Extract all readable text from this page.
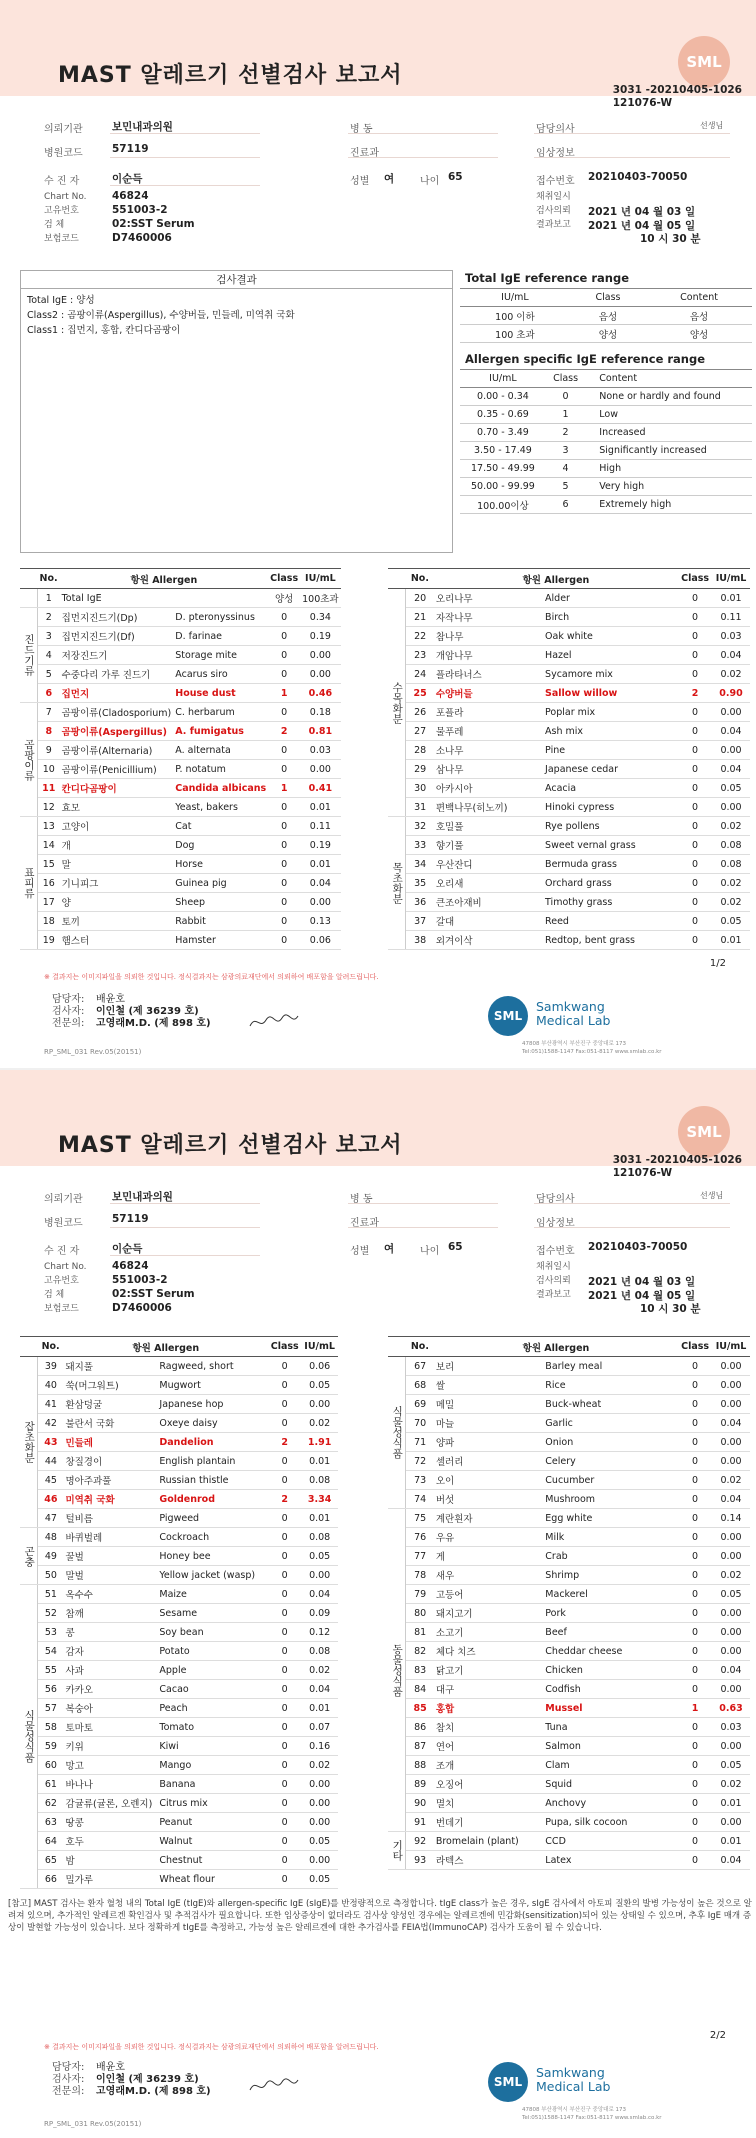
MAST 알레르기 선별검사 보고서
SML
3031 -20210405-1026
121076-W
의뢰기관	보민내과의원
병원코드	57119
수 진 자	이순득
Chart No. 46824
고유번호	551003-2
검 체	02:SST Serum
보험코드	D7460006
병 동
진료과
성별 여	나이 65
담당의사	선생님
임상정보
접수번호 20210403-70050
채취일시
검사의뢰 2021 년 04 월 03 일
결과보고 2021 년 04 월 05 일
10 시 30 분
검사결과
Total IgE : 양성
Class2 : 곰팡이류(Aspergillus), 수양버들, 민들레, 미역취 국화
Class1 : 집먼지, 홍합, 칸디다곰팡이
Total IgE reference range
IU/mL	Class	Content
100 이하	음성	음성
100 초과	양성	양성
Allergen specific IgE reference range
IU/mL	Class	Content
0.00 - 0.34	0	None or hardly and found
0.35 - 0.69	1	Low
0.70 - 3.49	2	Increased
3.50 - 17.49	3	Significantly increased
17.50 - 49.99	4	High
50.00 - 99.99	5	Very high
100.00이상	6	Extremely high
	No.	항원 Allergen		Class	IU/mL
	1	Total IgE		양성	100초과
진드기류	2	집먼지진드기(Dp)	D. pteronyssinus	0	0.34
	3	집먼지진드기(Df)	D. farinae	0	0.19
	4	저장진드기	Storage mite	0	0.00
	5	수중다리 가루 진드기	Acarus siro	0	0.00
	6	집먼지	House dust	1	0.46
곰팡이류	7	곰팡이류(Cladosporium)	C. herbarum	0	0.18
	8	곰팡이류(Aspergillus)	A. fumigatus	2	0.81
	9	곰팡이류(Alternaria)	A. alternata	0	0.03
	10	곰팡이류(Penicillium)	P. notatum	0	0.00
	11	칸디다곰팡이	Candida albicans	1	0.41
	12	효모	Yeast, bakers	0	0.01
표피류	13	고양이	Cat	0	0.11
	14	개	Dog	0	0.19
	15	말	Horse	0	0.01
	16	기니피그	Guinea pig	0	0.04
	17	양	Sheep	0	0.00
	18	토끼	Rabbit	0	0.13
	19	햄스터	Hamster	0	0.06
	No.	항원 Allergen		Class	IU/mL
수목화분	20	오리나무	Alder	0	0.01
	21	자작나무	Birch	0	0.11
	22	참나무	Oak white	0	0.03
	23	개암나무	Hazel	0	0.04
	24	플라타너스	Sycamore mix	0	0.02
	25	수양버들	Sallow willow	2	0.90
	26	포플라	Poplar mix	0	0.00
	27	물푸레	Ash mix	0	0.04
	28	소나무	Pine	0	0.00
	29	삼나무	Japanese cedar	0	0.04
	30	아카시아	Acacia	0	0.05
	31	편백나무(히노끼)	Hinoki cypress	0	0.00
목초화분	32	호밀풀	Rye pollens	0	0.02
	33	향기풀	Sweet vernal grass	0	0.08
	34	우산잔디	Bermuda grass	0	0.08
	35	오리새	Orchard grass	0	0.02
	36	큰조아재비	Timothy grass	0	0.02
	37	갈대	Reed	0	0.05
	38	외겨이삭	Redtop, bent grass	0	0.01
1/2
※ 결과지는 이미지파일을 의뢰한 것입니다. 정식결과지는 삼광의료재단에서 의뢰하여 배포함을 알려드립니다.
담당자: 배윤호
검사자: 이인철 (제 36239 호)
전문의: 고영래M.D. (제 898 호)
SML
Samkwang
Medical Lab
47808 부산광역시 부산진구 중앙대로 173
Tel:051)1588-1147 Fax:051-8117 www.smlab.co.kr
RP_SML_031 Rev.05(20151)
MAST 알레르기 선별검사 보고서
SML
3031 -20210405-1026
121076-W
의뢰기관	보민내과의원
병원코드	57119
수 진 자	이순득
Chart No. 46824
고유번호	551003-2
검 체	02:SST Serum
보험코드	D7460006
병 동
진료과
성별 여	나이 65
담당의사	선생님
임상정보
접수번호 20210403-70050
채취일시
검사의뢰 2021 년 04 월 03 일
결과보고 2021 년 04 월 05 일
10 시 30 분
	No.	항원 Allergen		Class	IU/mL
잡초화분	39	돼지풀	Ragweed, short	0	0.06
	40	쑥(머그워트)	Mugwort	0	0.05
	41	환삼덩굴	Japanese hop	0	0.00
	42	불란서 국화	Oxeye daisy	0	0.02
	43	민들레	Dandelion	2	1.91
	44	창질경이	English plantain	0	0.01
	45	명아주과풀	Russian thistle	0	0.08
	46	미역취 국화	Goldenrod	2	3.34
	47	털비름	Pigweed	0	0.01
곤충	48	바퀴벌레	Cockroach	0	0.08
	49	꿀벌	Honey bee	0	0.05
	50	말벌	Yellow jacket (wasp)	0	0.00
식물성식품	51	옥수수	Maize	0	0.04
	52	참깨	Sesame	0	0.09
	53	콩	Soy bean	0	0.12
	54	감자	Potato	0	0.08
	55	사과	Apple	0	0.02
	56	카카오	Cacao	0	0.04
	57	복숭아	Peach	0	0.01
	58	토마토	Tomato	0	0.07
	59	키위	Kiwi	0	0.16
	60	망고	Mango	0	0.02
	61	바나나	Banana	0	0.00
	62	감귤류(귤론, 오렌지)	Citrus mix	0	0.00
	63	땅콩	Peanut	0	0.00
	64	호두	Walnut	0	0.05
	65	밤	Chestnut	0	0.00
	66	밀가루	Wheat flour	0	0.05
	No.	항원 Allergen		Class	IU/mL
식물성식품	67	보리	Barley meal	0	0.00
	68	쌀	Rice	0	0.00
	69	메밀	Buck-wheat	0	0.00
	70	마늘	Garlic	0	0.04
	71	양파	Onion	0	0.00
	72	셀러리	Celery	0	0.00
	73	오이	Cucumber	0	0.02
	74	버섯	Mushroom	0	0.04
동물성식품	75	계란흰자	Egg white	0	0.14
	76	우유	Milk	0	0.00
	77	게	Crab	0	0.00
	78	새우	Shrimp	0	0.02
	79	고등어	Mackerel	0	0.05
	80	돼지고기	Pork	0	0.00
	81	소고기	Beef	0	0.00
	82	체다 치즈	Cheddar cheese	0	0.00
	83	닭고기	Chicken	0	0.04
	84	대구	Codfish	0	0.00
	85	홍합	Mussel	1	0.63
	86	참치	Tuna	0	0.03
	87	연어	Salmon	0	0.00
	88	조개	Clam	0	0.05
	89	오징어	Squid	0	0.02
	90	멸치	Anchovy	0	0.01
	91	번데기	Pupa, silk cocoon	0	0.00
기타	92	Bromelain (plant)	CCD	0	0.01
	93	라텍스	Latex	0	0.04
[참고] MAST 검사는 환자 혈청 내의 Total IgE (tIgE)와 allergen-specific IgE (sIgE)를 반정량적으로 측정합니다. tIgE class가 높은 경우, sIgE 검사에서 아토피 질환의 발병 가능성이 높은 것으로 알려져 있으며, 추가적인 알레르겐 확인검사 및 추적검사가 필요합니다. 또한 임상증상이 없더라도 검사상 양성인 경우에는 알레르겐에 민감화(sensitization)되어 있는 상태일 수 있으며, 추후 IgE 매개 증상이 발현할 가능성이 있습니다. 보다 정확하게 tIgE를 측정하고, 가능성 높은 알레르겐에 대한 추가검사를 FEIA법(ImmunoCAP) 검사가 도움이 될 수 있습니다.
2/2
※ 결과지는 이미지파일을 의뢰한 것입니다. 정식결과지는 삼광의료재단에서 의뢰하여 배포함을 알려드립니다.
담당자: 배윤호
검사자: 이인철 (제 36239 호)
전문의: 고영래M.D. (제 898 호)
SML
Samkwang
Medical Lab
47808 부산광역시 부산진구 중앙대로 173
Tel:051)1588-1147 Fax:051-8117 www.smlab.co.kr
RP_SML_031 Rev.05(20151)
